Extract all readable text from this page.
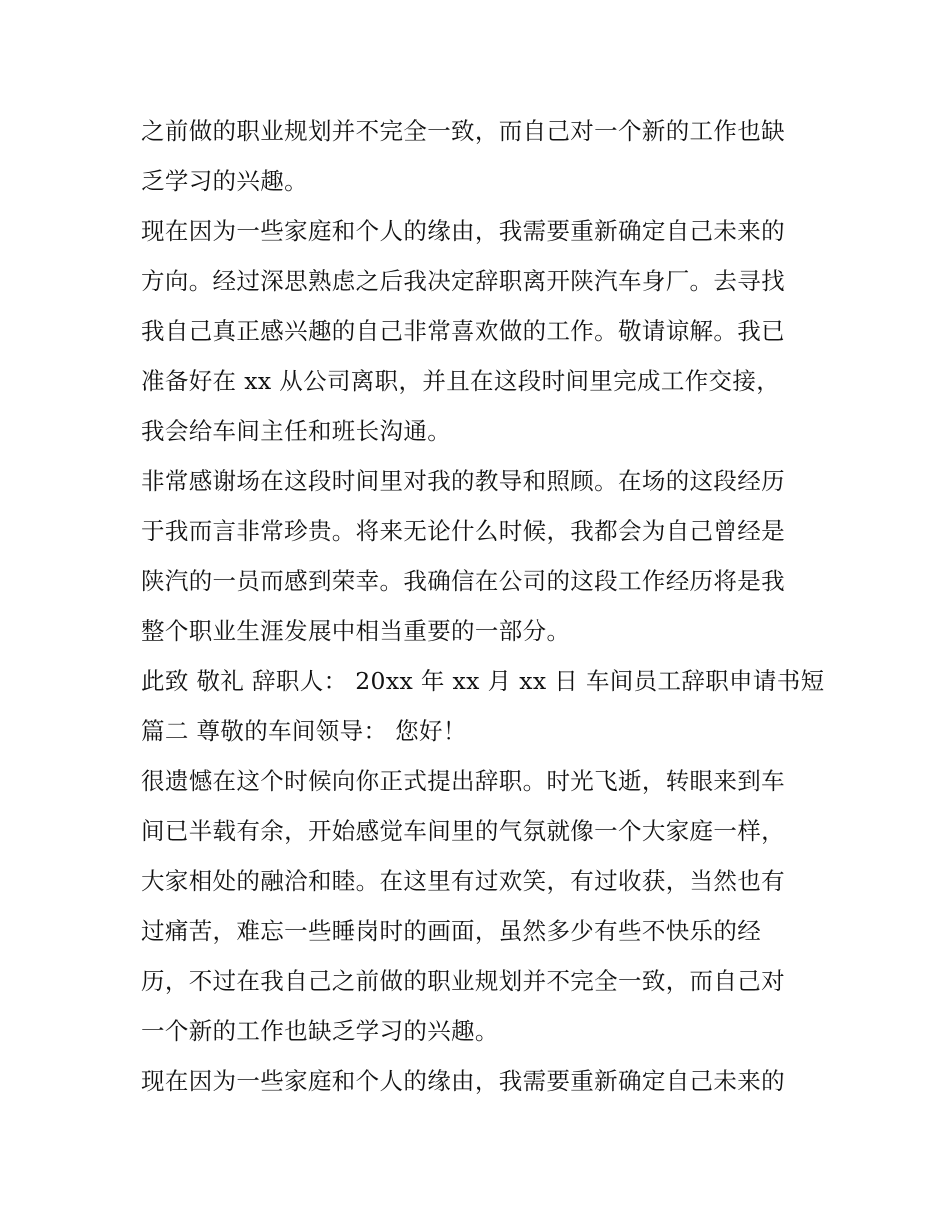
之前做的职业规划并不完全一致，而自己对一个新的工作也缺
乏学习的兴趣。
现在因为一些家庭和个人的缘由，我需要重新确定自己未来的
方向。经过深思熟虑之后我决定辞职离开陕汽车身厂。去寻找
我自己真正感兴趣的自己非常喜欢做的工作。敬请谅解。我已
准备好在 xx 从公司离职，并且在这段时间里完成工作交接，
我会给车间主任和班长沟通。
非常感谢场在这段时间里对我的教导和照顾。在场的这段经历
于我而言非常珍贵。将来无论什么时候，我都会为自己曾经是
陕汽的一员而感到荣幸。我确信在公司的这段工作经历将是我
整个职业生涯发展中相当重要的一部分。
此致 敬礼 辞职人： 20xx 年 xx 月 xx 日 车间员工辞职申请书短
篇二 尊敬的车间领导： 您好！
很遗憾在这个时候向你正式提出辞职。时光飞逝，转眼来到车
间已半载有余，开始感觉车间里的气氛就像一个大家庭一样，
大家相处的融洽和睦。在这里有过欢笑，有过收获，当然也有
过痛苦，难忘一些睡岗时的画面，虽然多少有些不快乐的经
历，不过在我自己之前做的职业规划并不完全一致，而自己对
一个新的工作也缺乏学习的兴趣。
现在因为一些家庭和个人的缘由，我需要重新确定自己未来的
